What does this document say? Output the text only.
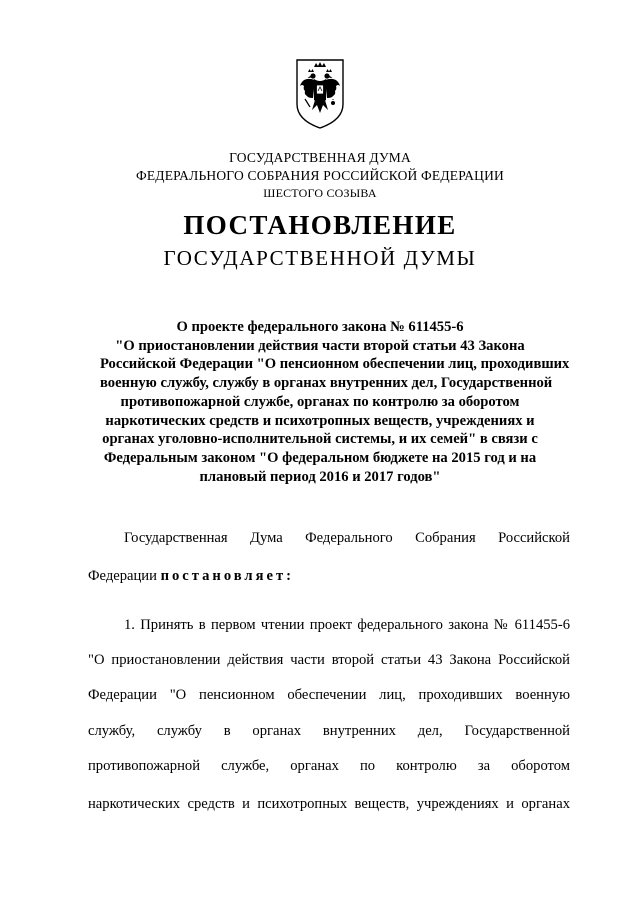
ГОСУДАРСТВЕННАЯ ДУМА
ФЕДЕРАЛЬНОГО СОБРАНИЯ РОССИЙСКОЙ ФЕДЕРАЦИИ
ШЕСТОГО СОЗЫВА
ПОСТАНОВЛЕНИЕ
ГОСУДАРСТВЕННОЙ ДУМЫ
О проекте федерального закона № 611455-6
"О приостановлении действия части второй статьи 43 Закона
Российской Федерации "О пенсионном обеспечении лиц, проходивших
военную службу, службу в органах внутренних дел, Государственной
противопожарной службе, органах по контролю за оборотом
наркотических средств и психотропных веществ, учреждениях и
органах уголовно-исполнительной системы, и их семей" в связи с
Федеральным законом "О федеральном бюджете на 2015 год и на
плановый период 2016 и 2017 годов"
Государственная Дума Федерального Собрания Российской
Федерации постановляет:
1. Принять в первом чтении проект федерального закона № 611455-6
"О приостановлении действия части второй статьи 43 Закона Российской
Федерации "О пенсионном обеспечении лиц, проходивших военную
службу, службу в органах внутренних дел, Государственной
противопожарной службе, органах по контролю за оборотом
наркотических средств и психотропных веществ, учреждениях и органах
